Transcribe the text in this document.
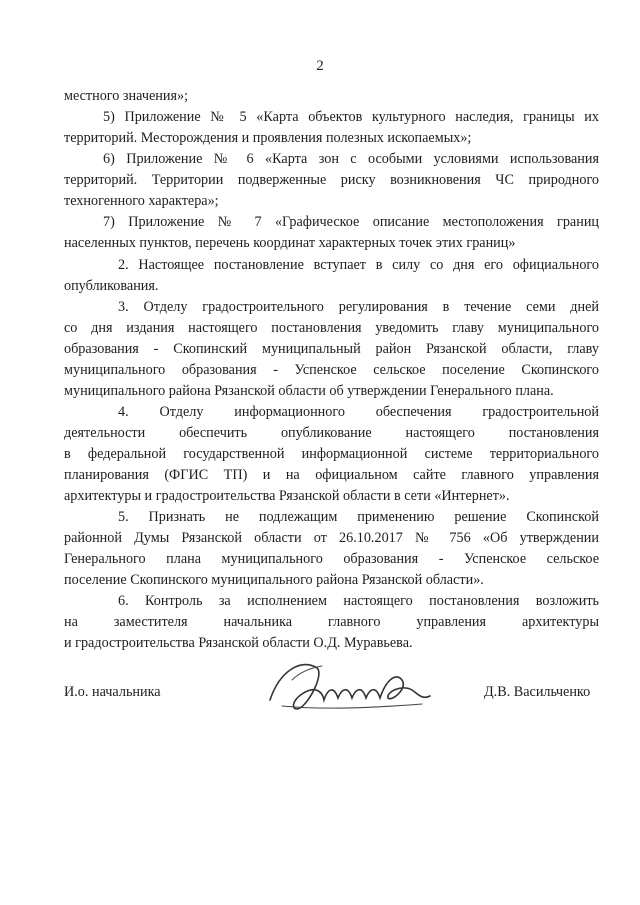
2
местного значения»;
5) Приложение № 5 «Карта объектов культурного наследия, границы их
территорий. Месторождения и проявления полезных ископаемых»;
6) Приложение № 6 «Карта зон с особыми условиями использования
территорий. Территории подверженные риску возникновения ЧС природного
техногенного характера»;
7) Приложение № 7 «Графическое описание местоположения границ
населенных пунктов, перечень координат характерных точек этих границ»
2. Настоящее постановление вступает в силу со дня его официального
опубликования.
3. Отделу градостроительного регулирования в течение семи дней
со дня издания настоящего постановления уведомить главу муниципального
образования - Скопинский муниципальный район Рязанской области, главу
муниципального образования - Успенское сельское поселение Скопинского
муниципального района Рязанской области об утверждении Генерального плана.
4. Отделу информационного обеспечения градостроительной
деятельности обеспечить опубликование настоящего постановления
в федеральной государственной информационной системе территориального
планирования (ФГИС ТП) и на официальном сайте главного управления
архитектуры и градостроительства Рязанской области в сети «Интернет».
5. Признать не подлежащим применению решение Скопинской
районной Думы Рязанской области от 26.10.2017 № 756 «Об утверждении
Генерального плана муниципального образования - Успенское сельское
поселение Скопинского муниципального района Рязанской области».
6. Контроль за исполнением настоящего постановления возложить
на заместителя начальника главного управления архитектуры
и градостроительства Рязанской области О.Д. Муравьева.
И.о. начальника	Д.В. Васильченко
